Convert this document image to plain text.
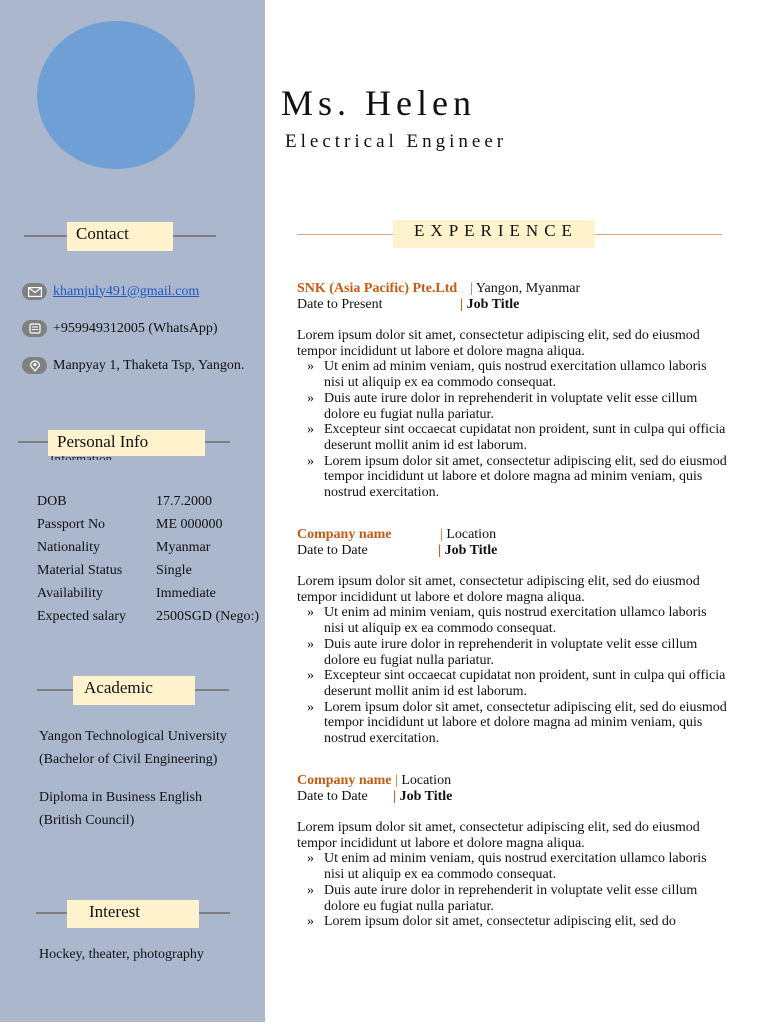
Contact
khamjuly491@gmail.com
+959949312005 (WhatsApp)
Manpyay 1, Thaketa Tsp, Yangon.
Personal Info
DOB	17.7.2000
Passport No	ME 000000
Nationality	Myanmar
Material Status	Single
Availability	Immediate
Expected salary	2500SGD (Nego:)
Academic
Yangon Technological University
(Bachelor of Civil Engineering)
Diploma in Business English
(British Council)
Interest
Hockey, theater, photography
Ms. Helen
Electrical Engineer
EXPERIENCE
SNK (Asia Pacific) Pte.Ltd | Yangon, Myanmar
Date to Present	| Job Title

Lorem ipsum dolor sit amet, consectetur adipiscing elit, sed do eiusmod tempor incididunt ut labore et dolore magna aliqua.

» Ut enim ad minim veniam, quis nostrud exercitation ullamco laboris nisi ut aliquip ex ea commodo consequat.
» Duis aute irure dolor in reprehenderit in voluptate velit esse cillum dolore eu fugiat nulla pariatur.
» Excepteur sint occaecat cupidatat non proident, sunt in culpa qui officia deserunt mollit anim id est laborum.
» Lorem ipsum dolor sit amet, consectetur adipiscing elit, sed do eiusmod tempor incididunt ut labore et dolore magna ad minim veniam, quis nostrud exercitation.
Company name	| Location
Date to Date	| Job Title

Lorem ipsum dolor sit amet, consectetur adipiscing elit, sed do eiusmod tempor incididunt ut labore et dolore magna aliqua.

» Ut enim ad minim veniam, quis nostrud exercitation ullamco laboris nisi ut aliquip ex ea commodo consequat.
» Duis aute irure dolor in reprehenderit in voluptate velit esse cillum dolore eu fugiat nulla pariatur.
» Excepteur sint occaecat cupidatat non proident, sunt in culpa qui officia deserunt mollit anim id est laborum.
» Lorem ipsum dolor sit amet, consectetur adipiscing elit, sed do eiusmod tempor incididunt ut labore et dolore magna ad minim veniam, quis nostrud exercitation.
Company name | Location
Date to Date | Job Title

Lorem ipsum dolor sit amet, consectetur adipiscing elit, sed do eiusmod tempor incididunt ut labore et dolore magna aliqua.

» Ut enim ad minim veniam, quis nostrud exercitation ullamco laboris nisi ut aliquip ex ea commodo consequat.
» Duis aute irure dolor in reprehenderit in voluptate velit esse cillum dolore eu fugiat nulla pariatur.
» Lorem ipsum dolor sit amet, consectetur adipiscing elit, sed do
